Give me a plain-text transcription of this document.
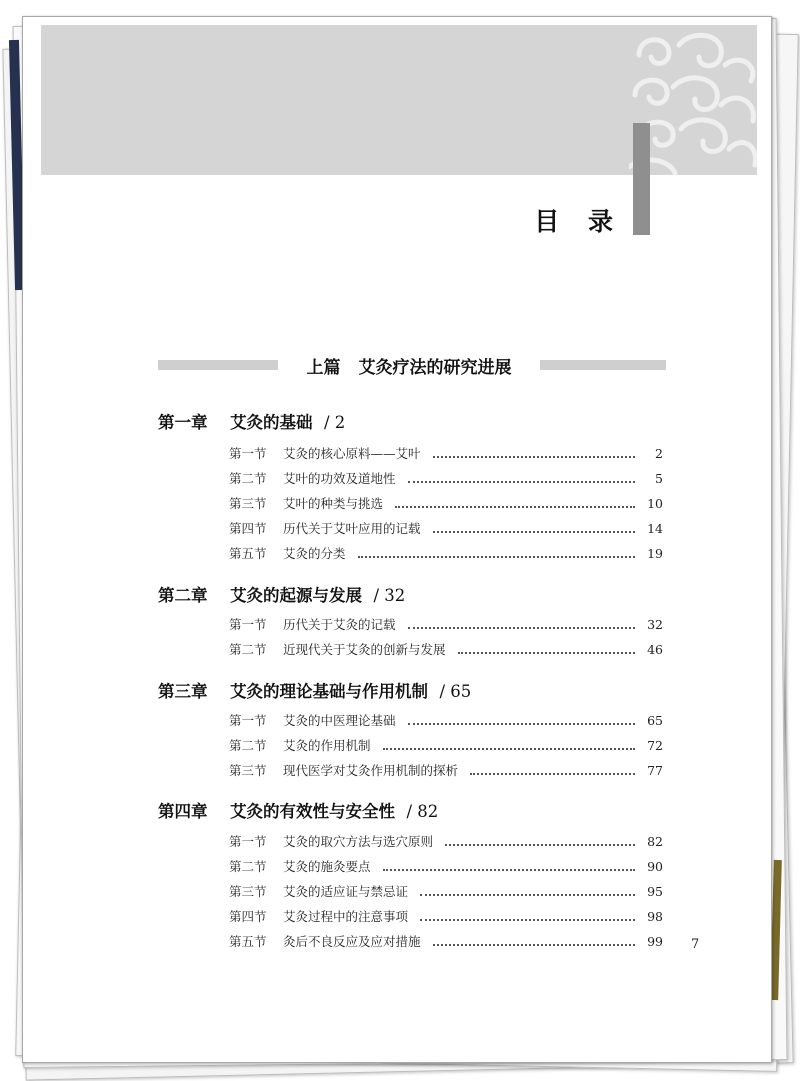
目 录
上篇 艾灸疗法的研究进展
第一章 艾灸的基础 / 2
第一节	艾灸的核心原料——艾叶	2
第二节	艾叶的功效及道地性	5
第三节	艾叶的种类与挑选	10
第四节	历代关于艾叶应用的记载	14
第五节	艾灸的分类	19
第二章 艾灸的起源与发展 / 32
第一节	历代关于艾灸的记载	32
第二节	近现代关于艾灸的创新与发展	46
第三章 艾灸的理论基础与作用机制 / 65
第一节	艾灸的中医理论基础	65
第二节	艾灸的作用机制	72
第三节	现代医学对艾灸作用机制的探析	77
第四章 艾灸的有效性与安全性 / 82
第一节	艾灸的取穴方法与选穴原则	82
第二节	艾灸的施灸要点	90
第三节	艾灸的适应证与禁忌证	95
第四节	艾灸过程中的注意事项	98
第五节	灸后不良反应及应对措施	99 7
